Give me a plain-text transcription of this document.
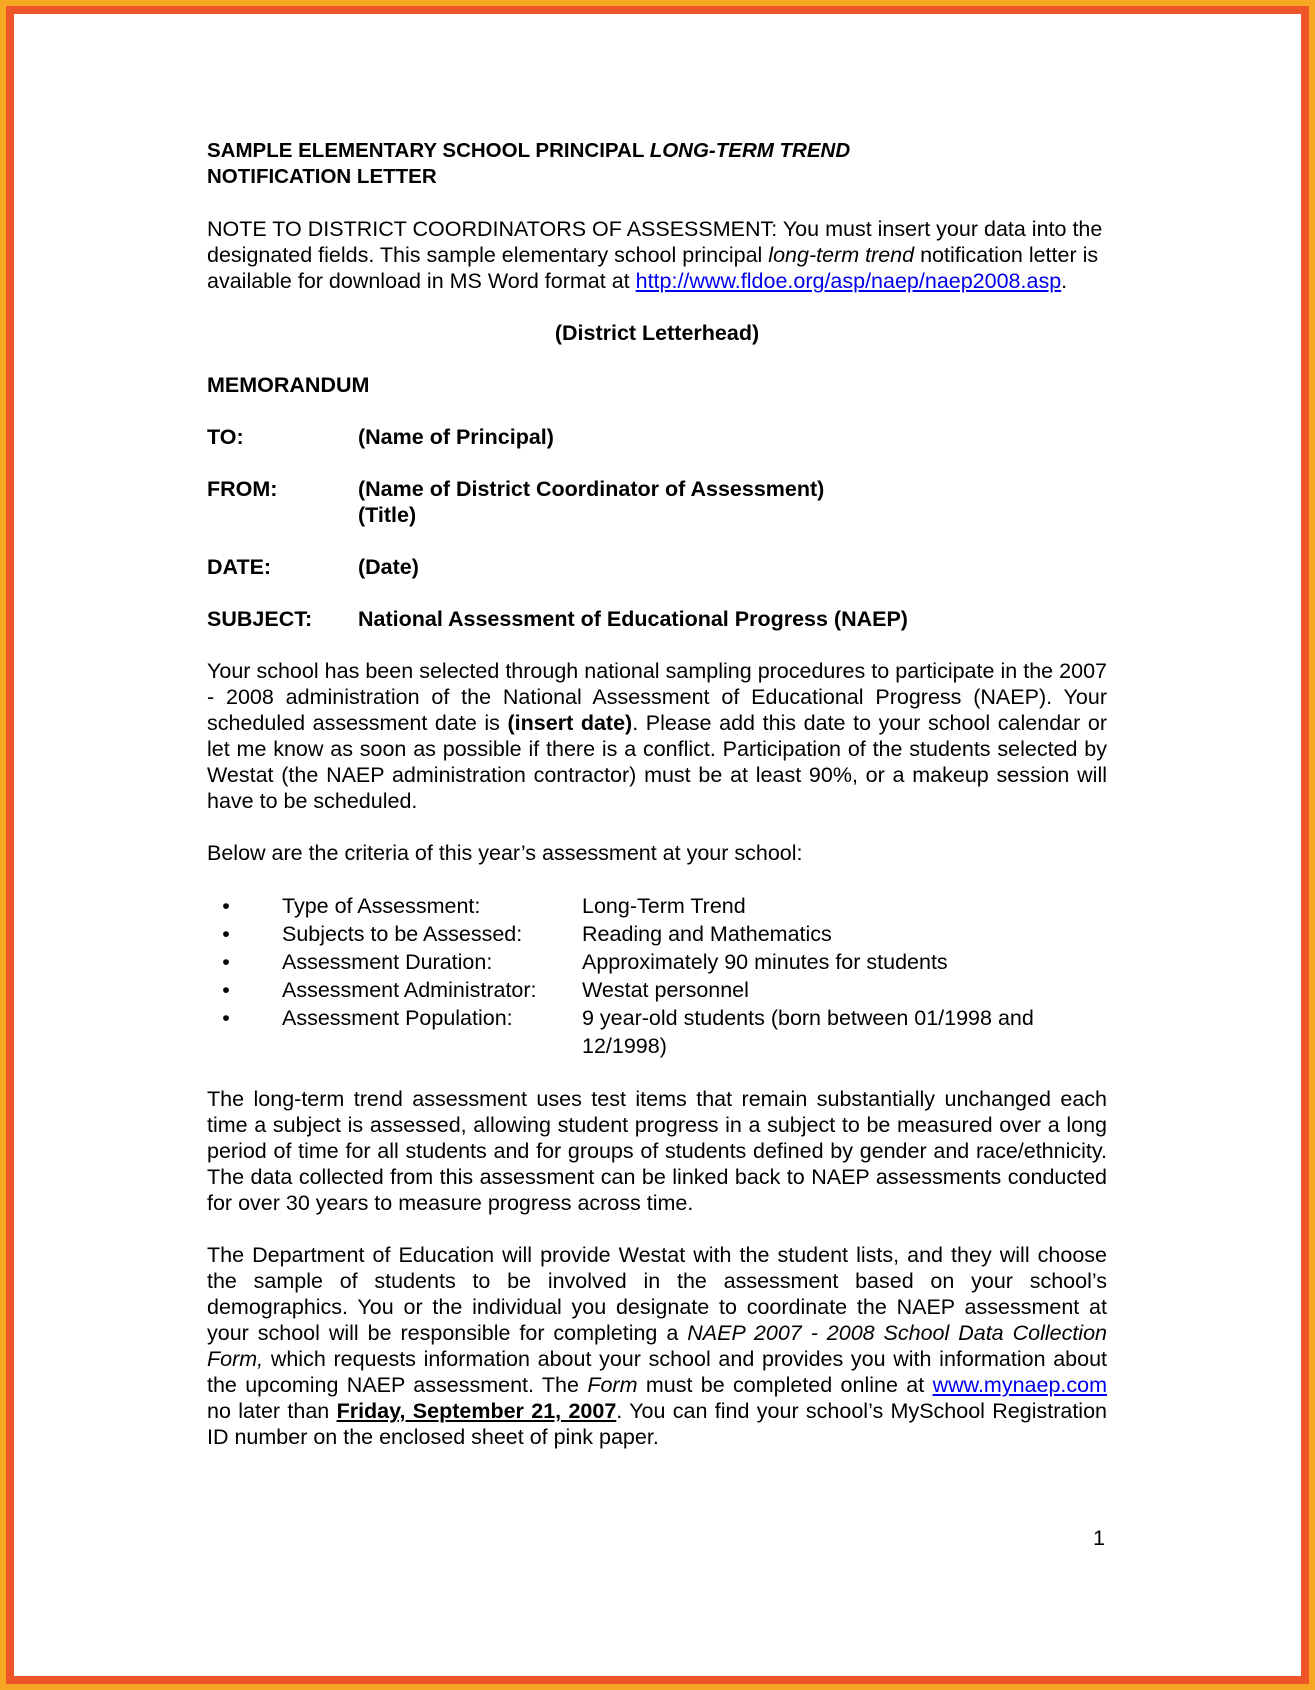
SAMPLE ELEMENTARY SCHOOL PRINCIPAL LONG-TERM TREND
NOTIFICATION LETTER
NOTE TO DISTRICT COORDINATORS OF ASSESSMENT: You must insert your data into the designated fields. This sample elementary school principal long-term trend notification letter is available for download in MS Word format at http://www.fldoe.org/asp/naep/naep2008.asp.
(District Letterhead)
MEMORANDUM
TO:	(Name of Principal)
FROM:	(Name of District Coordinator of Assessment)
(Title)
DATE:	(Date)
SUBJECT:	National Assessment of Educational Progress (NAEP)
Your school has been selected through national sampling procedures to participate in the 2007 - 2008 administration of the National Assessment of Educational Progress (NAEP). Your scheduled assessment date is (insert date). Please add this date to your school calendar or let me know as soon as possible if there is a conflict. Participation of the students selected by Westat (the NAEP administration contractor) must be at least 90%, or a makeup session will have to be scheduled.
Below are the criteria of this year’s assessment at your school:
•	Type of Assessment:	Long-Term Trend
•	Subjects to be Assessed:	Reading and Mathematics
•	Assessment Duration:	Approximately 90 minutes for students
•	Assessment Administrator:	Westat personnel
•	Assessment Population:	9 year-old students (born between 01/1998 and 12/1998)
The long-term trend assessment uses test items that remain substantially unchanged each time a subject is assessed, allowing student progress in a subject to be measured over a long period of time for all students and for groups of students defined by gender and race/ethnicity. The data collected from this assessment can be linked back to NAEP assessments conducted for over 30 years to measure progress across time.
The Department of Education will provide Westat with the student lists, and they will choose the sample of students to be involved in the assessment based on your school’s demographics. You or the individual you designate to coordinate the NAEP assessment at your school will be responsible for completing a NAEP 2007 - 2008 School Data Collection Form, which requests information about your school and provides you with information about the upcoming NAEP assessment. The Form must be completed online at www.mynaep.com no later than Friday, September 21, 2007. You can find your school’s MySchool Registration ID number on the enclosed sheet of pink paper.
1
